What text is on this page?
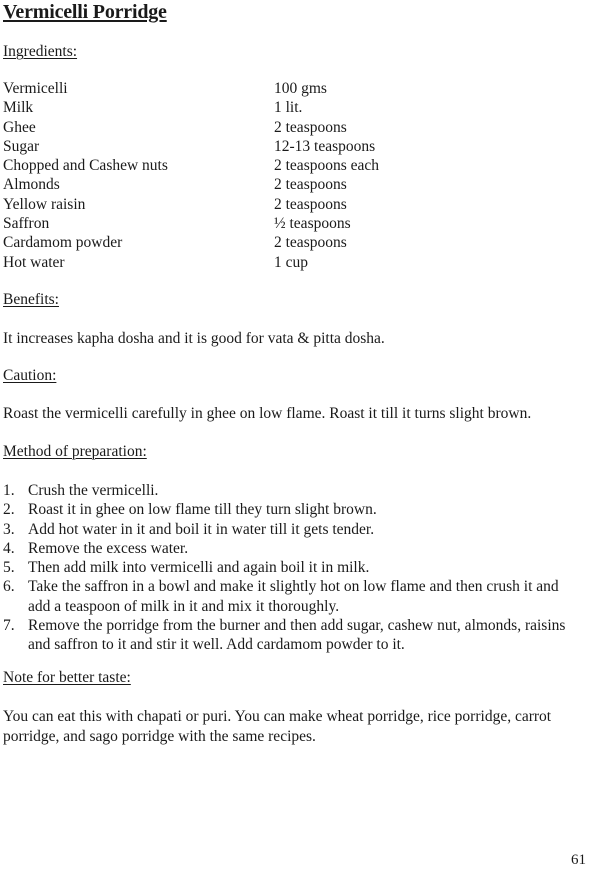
Vermicelli Porridge

Ingredients:

Vermicelli	100 gms
Milk	1 lit.
Ghee	2 teaspoons
Sugar	12-13 teaspoons
Chopped and Cashew nuts	2 teaspoons each
Almonds	2 teaspoons
Yellow raisin	2 teaspoons
Saffron	½ teaspoons
Cardamom powder	2 teaspoons
Hot water	1 cup

Benefits:

It increases kapha dosha and it is good for vata & pitta dosha.

Caution:

Roast the vermicelli carefully in ghee on low flame. Roast it till it turns slight brown.

Method of preparation:

1. Crush the vermicelli.
2. Roast it in ghee on low flame till they turn slight brown.
3. Add hot water in it and boil it in water till it gets tender.
4. Remove the excess water.
5. Then add milk into vermicelli and again boil it in milk.
6. Take the saffron in a bowl and make it slightly hot on low flame and then crush it and add a teaspoon of milk in it and mix it thoroughly.
7. Remove the porridge from the burner and then add sugar, cashew nut, almonds, raisins and saffron to it and stir it well. Add cardamom powder to it.

Note for better taste:

You can eat this with chapati or puri. You can make wheat porridge, rice porridge, carrot porridge, and sago porridge with the same recipes.

61
